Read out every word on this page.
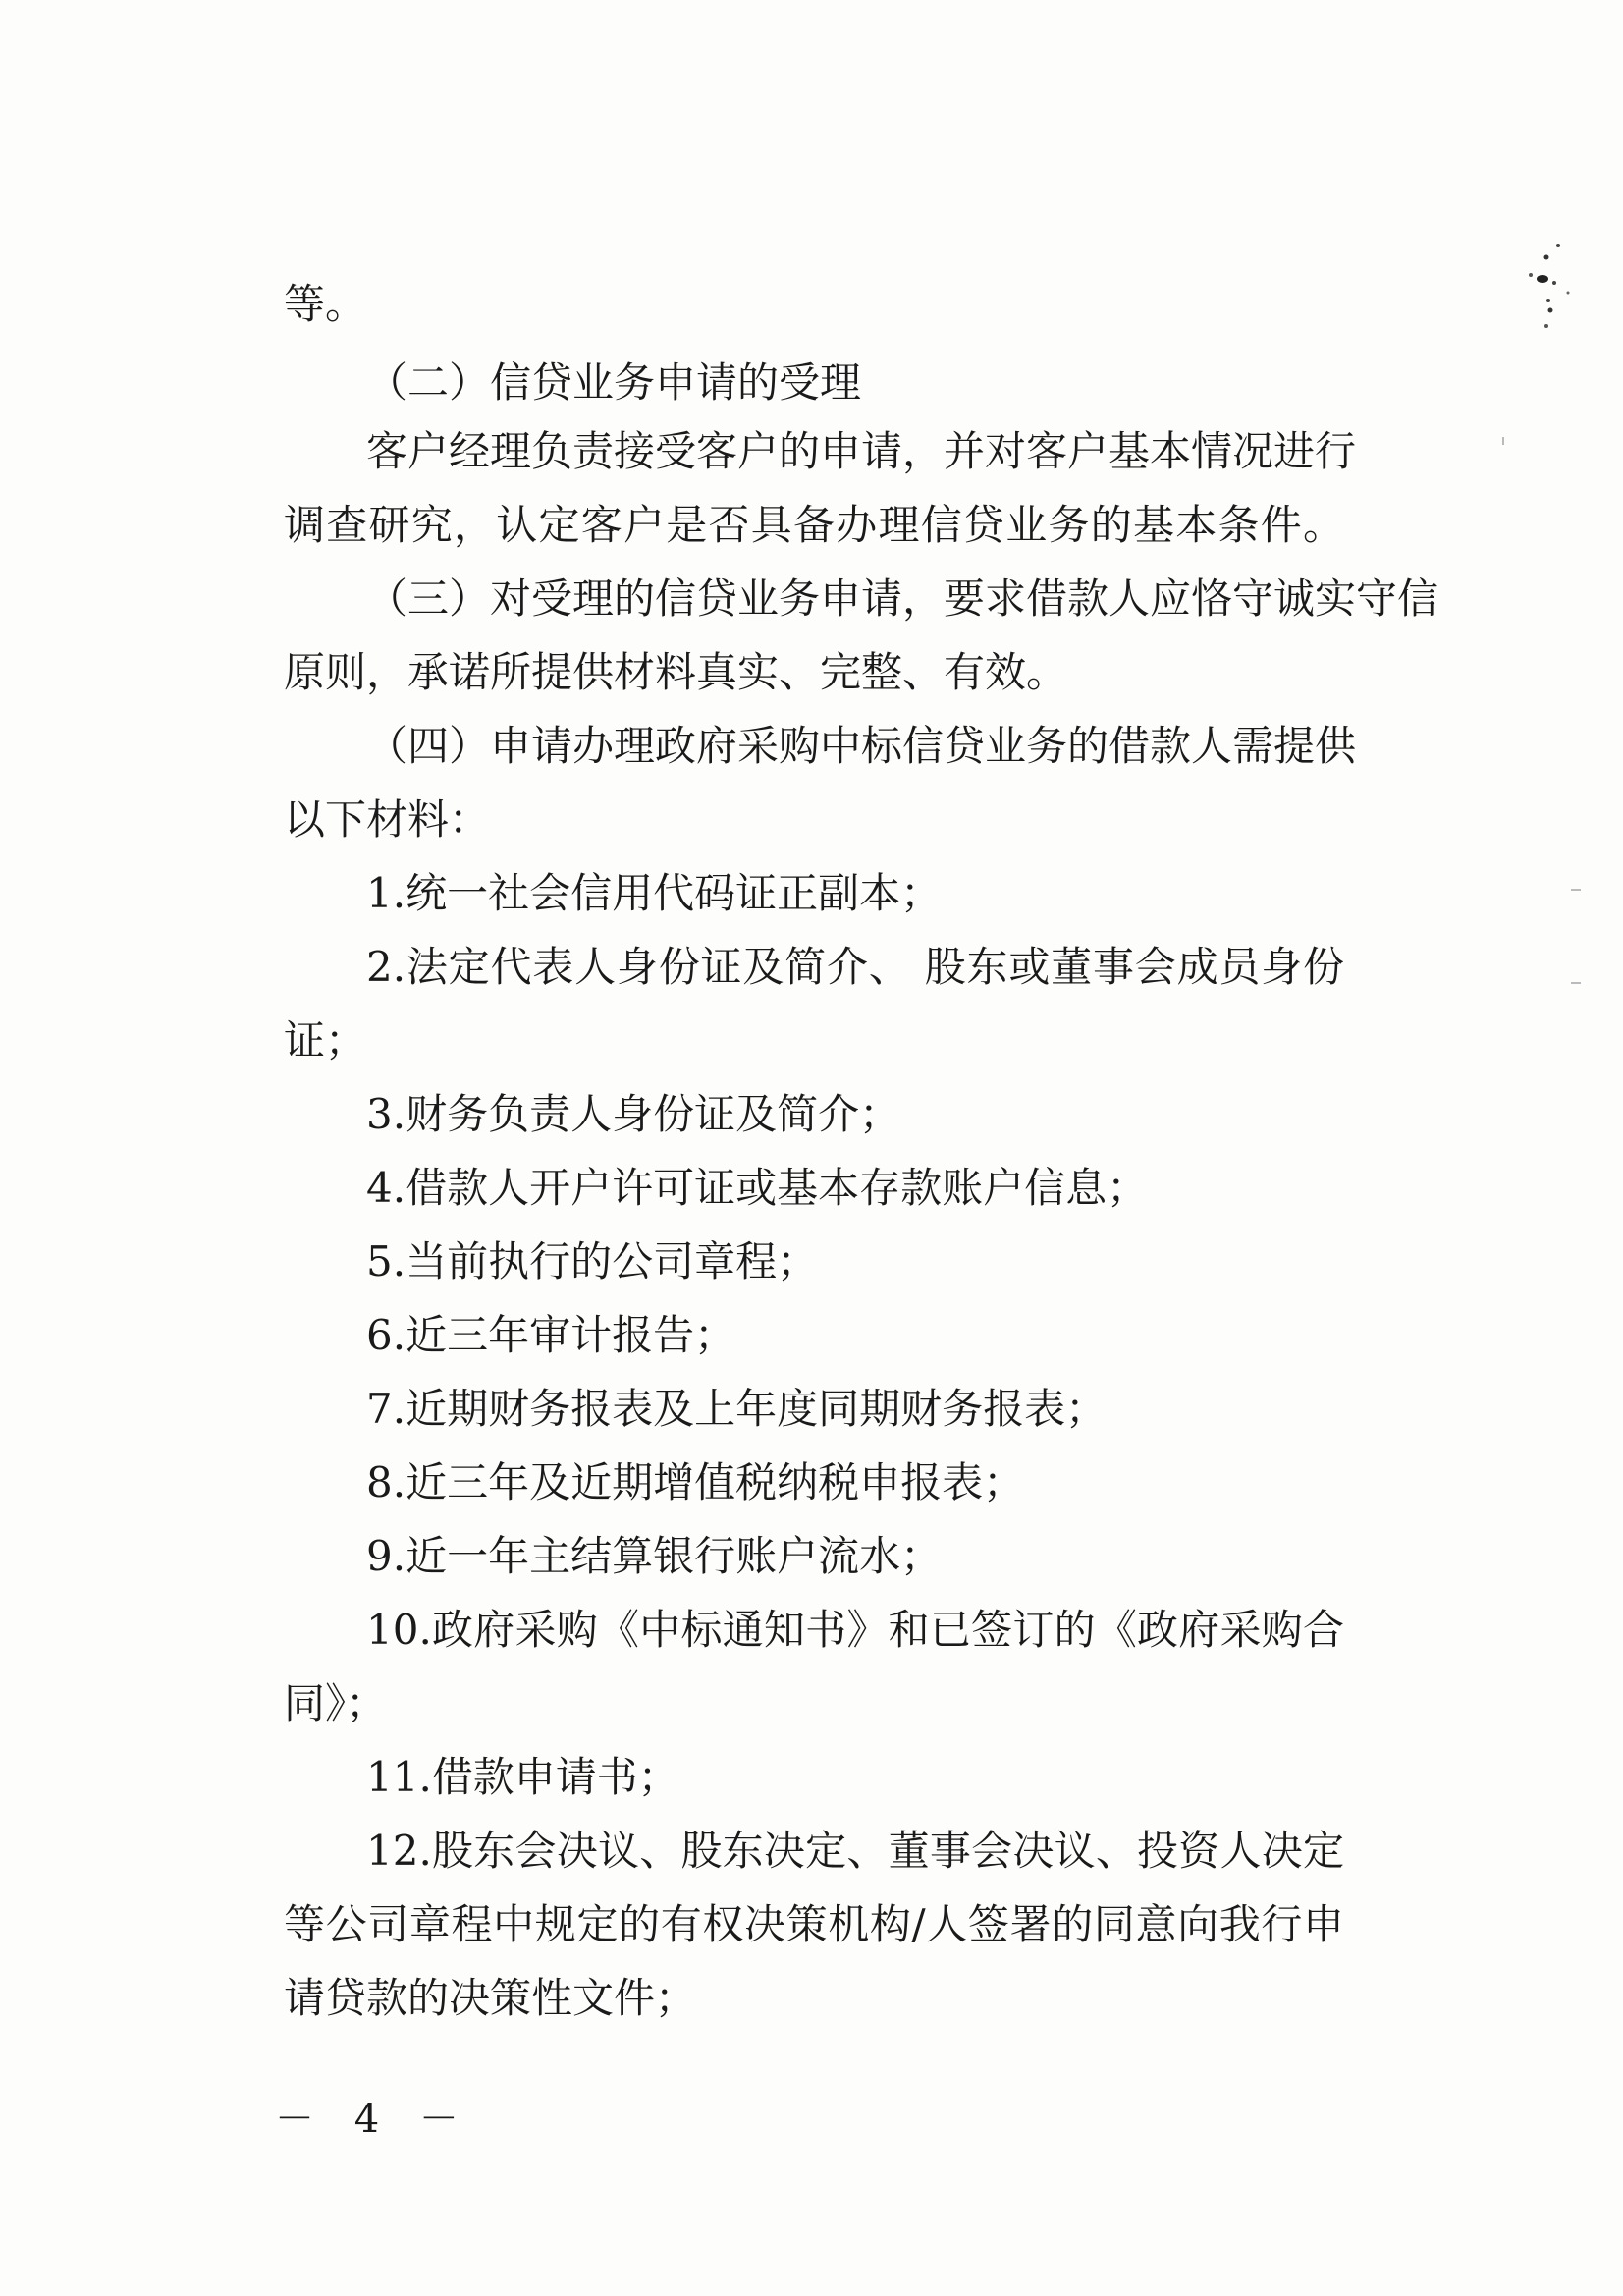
等。
（二）信贷业务申请的受理
客户经理负责接受客户的申请，并对客户基本情况进行
调查研究，认定客户是否具备办理信贷业务的基本条件。
（三）对受理的信贷业务申请，要求借款人应恪守诚实守信
原则，承诺所提供材料真实、完整、有效。
（四）申请办理政府采购中标信贷业务的借款人需提供
以下材料：
1.统一社会信用代码证正副本；
2.法定代表人身份证及简介、 股东或董事会成员身份
证；
3.财务负责人身份证及简介；
4.借款人开户许可证或基本存款账户信息；
5.当前执行的公司章程；
6.近三年审计报告；
7.近期财务报表及上年度同期财务报表；
8.近三年及近期增值税纳税申报表；
9.近一年主结算银行账户流水；
10.政府采购《中标通知书》和已签订的《政府采购合
同》；
11.借款申请书；
12.股东会决议、股东决定、董事会决议、投资人决定
等公司章程中规定的有权决策机构/人签署的同意向我行申
请贷款的决策性文件；
－ 4 －
